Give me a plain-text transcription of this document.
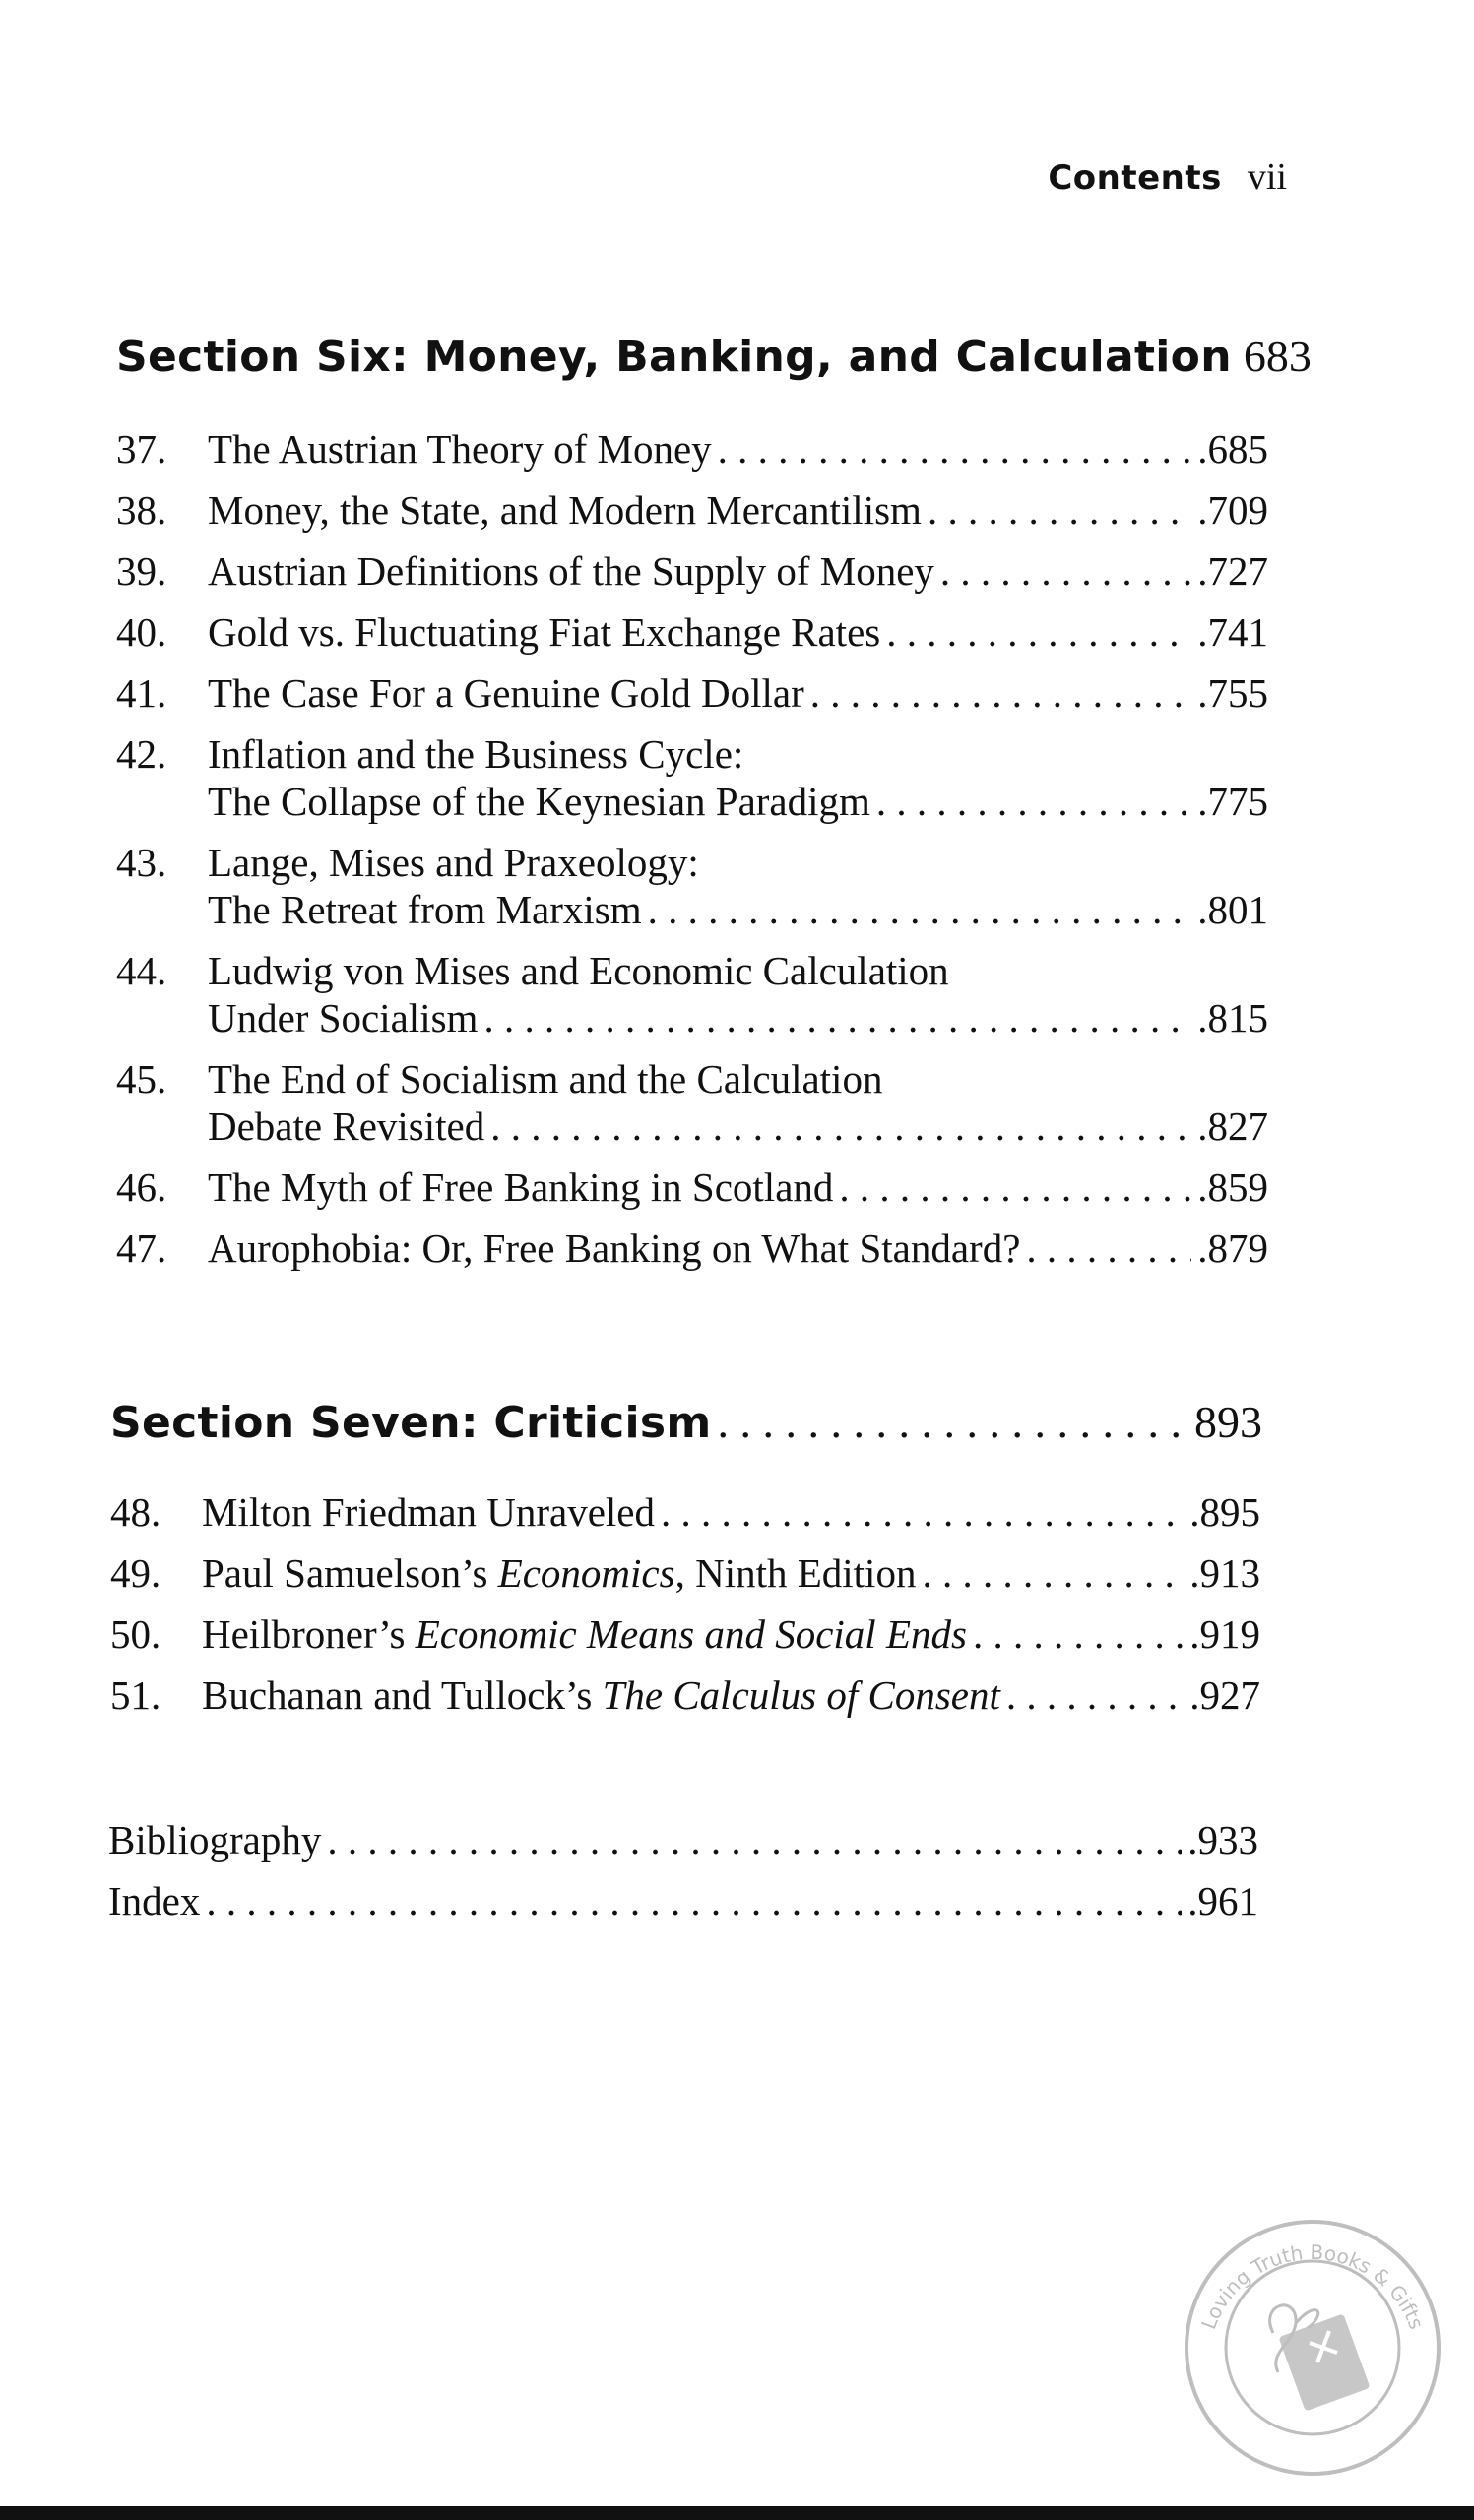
Contents vii
Section Six: Money, Banking, and Calculation 683
37.	The Austrian Theory of Money . . .	.685
38.	Money, the State, and Modern Mercantilism . . .	.709
39.	Austrian Definitions of the Supply of Money . . .	.727
40.	Gold vs. Fluctuating Fiat Exchange Rates . . .	.741
41.	The Case For a Genuine Gold Dollar . . .	.755
42.	Inflation and the Business Cycle:
The Collapse of the Keynesian Paradigm . . .	.775
43.	Lange, Mises and Praxeology:
The Retreat from Marxism . . .	.801
44.	Ludwig von Mises and Economic Calculation
Under Socialism . . .	.815
45.	The End of Socialism and the Calculation
Debate Revisited . . .	.827
46.	The Myth of Free Banking in Scotland . . .	.859
47.	Aurophobia: Or, Free Banking on What Standard? . . .	.879
Section Seven: Criticism . . .	893
48.	Milton Friedman Unraveled . . .	.895
49.	Paul Samuelson’s Economics, Ninth Edition . . .	.913
50.	Heilbroner’s Economic Means and Social Ends . . .	.919
51.	Buchanan and Tullock’s The Calculus of Consent . . .	.927
Bibliography . . .	.933
Index . . .	.961
Loving Truth Books & Gifts
